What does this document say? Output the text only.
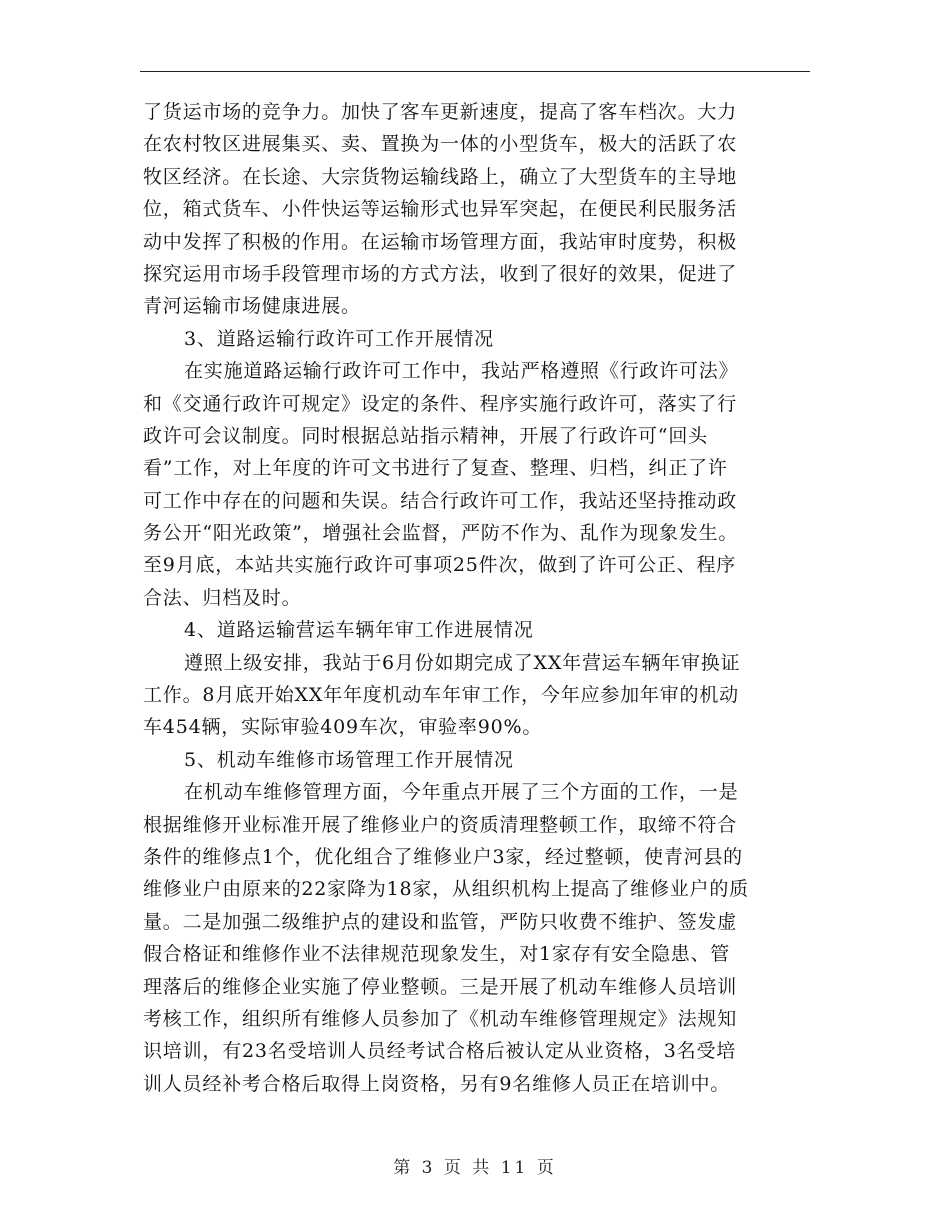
了货运市场的竞争力。加快了客车更新速度，提高了客车档次。大力
在农村牧区进展集买、卖、置换为一体的小型货车，极大的活跃了农
牧区经济。在长途、大宗货物运输线路上，确立了大型货车的主导地
位，箱式货车、小件快运等运输形式也异军突起，在便民利民服务活
动中发挥了积极的作用。在运输市场管理方面，我站审时度势，积极
探究运用市场手段管理市场的方式方法，收到了很好的效果，促进了
青河运输市场健康进展。
3、道路运输行政许可工作开展情况
在实施道路运输行政许可工作中，我站严格遵照《行政许可法》
和《交通行政许可规定》设定的条件、程序实施行政许可，落实了行
政许可会议制度。同时根据总站指示精神，开展了行政许可“回头
看”工作，对上年度的许可文书进行了复查、整理、归档，纠正了许
可工作中存在的问题和失误。结合行政许可工作，我站还坚持推动政
务公开“阳光政策”，增强社会监督，严防不作为、乱作为现象发生。
至9月底，本站共实施行政许可事项25件次，做到了许可公正、程序
合法、归档及时。
4、道路运输营运车辆年审工作进展情况
遵照上级安排，我站于6月份如期完成了XX年营运车辆年审换证
工作。8月底开始XX年年度机动车年审工作，今年应参加年审的机动
车454辆，实际审验409车次，审验率90%。
5、机动车维修市场管理工作开展情况
在机动车维修管理方面，今年重点开展了三个方面的工作，一是
根据维修开业标准开展了维修业户的资质清理整顿工作，取缔不符合
条件的维修点1个，优化组合了维修业户3家，经过整顿，使青河县的
维修业户由原来的22家降为18家，从组织机构上提高了维修业户的质
量。二是加强二级维护点的建设和监管，严防只收费不维护、签发虚
假合格证和维修作业不法律规范现象发生，对1家存有安全隐患、管
理落后的维修企业实施了停业整顿。三是开展了机动车维修人员培训
考核工作，组织所有维修人员参加了《机动车维修管理规定》法规知
识培训，有23名受培训人员经考试合格后被认定从业资格，3名受培
训人员经补考合格后取得上岗资格，另有9名维修人员正在培训中。
第 3 页 共 11 页
